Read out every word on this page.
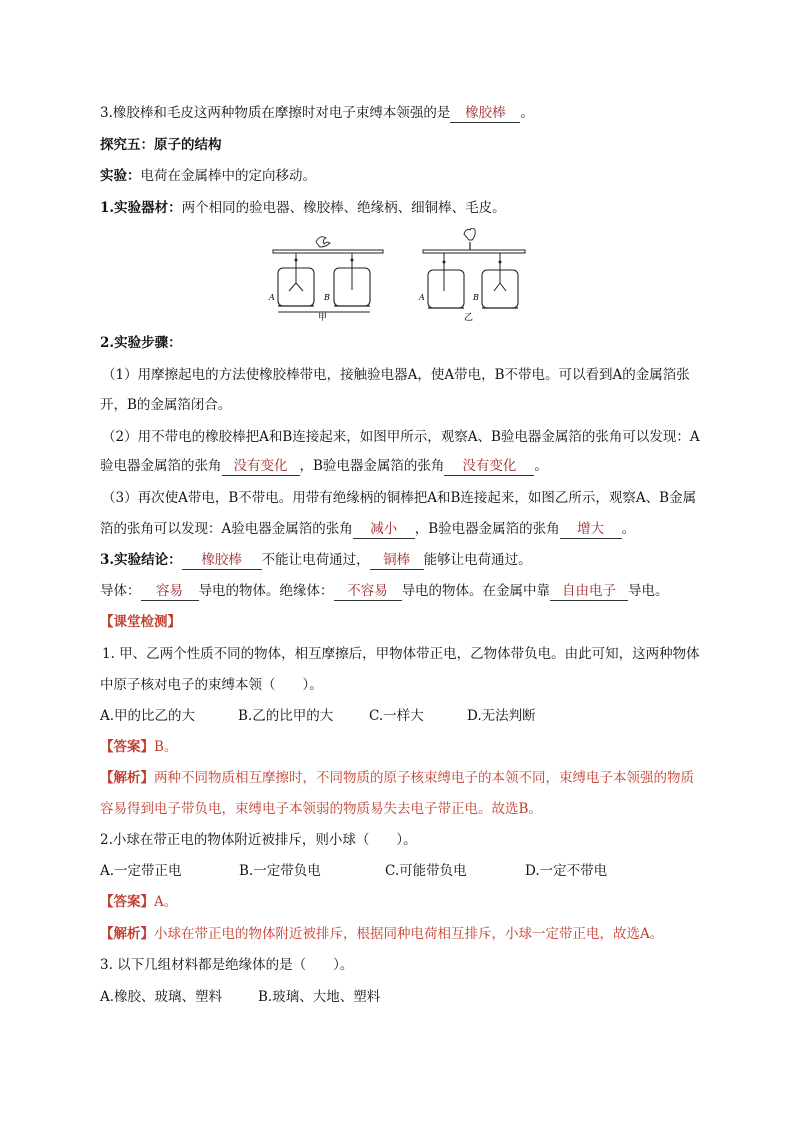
3.橡胶棒和毛皮这两种物质在摩擦时对电子束缚本领强的是 橡胶棒 。
探究五：原子的结构
实验：电荷在金属棒中的定向移动。
1.实验器材：两个相同的验电器、橡胶棒、绝缘柄、细铜棒、毛皮。
A	B
甲
A	B
乙
2.实验步骤：
（1）用摩擦起电的方法使橡胶棒带电，接触验电器A，使A带电，B不带电。可以看到A的金属箔张
开，B的金属箔闭合。
（2）用不带电的橡胶棒把A和B连接起来，如图甲所示，观察A、B验电器金属箔的张角可以发现：A
验电器金属箔的张角 没有变化 ，B验电器金属箔的张角 没有变化 。
（3）再次使A带电，B不带电。用带有绝缘柄的铜棒把A和B连接起来，如图乙所示，观察A、B金属
箔的张角可以发现：A验电器金属箔的张角 减小 ，B验电器金属箔的张角 增大 。
3.实验结论： 橡胶棒 不能让电荷通过， 铜棒 能够让电荷通过。
导体： 容易 导电的物体。绝缘体： 不容易 导电的物体。在金属中靠 自由电子 导电。
【课堂检测】
1. 甲、乙两个性质不同的物体，相互摩擦后，甲物体带正电，乙物体带负电。由此可知，这两种物体
中原子核对电子的束缚本领（　　）。
A.甲的比乙的大	B.乙的比甲的大	C.一样大	D.无法判断
【答案】B。
【解析】两种不同物质相互摩擦时，不同物质的原子核束缚电子的本领不同，束缚电子本领强的物质
容易得到电子带负电，束缚电子本领弱的物质易失去电子带正电。故选B。
2.小球在带正电的物体附近被排斥，则小球（　　）。
A.一定带正电	B.一定带负电	C.可能带负电	D.一定不带电
【答案】A。
【解析】小球在带正电的物体附近被排斥，根据同种电荷相互排斥，小球一定带正电，故选A。
3. 以下几组材料都是绝缘体的是（　　）。
A.橡胶、玻璃、塑料	B.玻璃、大地、塑料
